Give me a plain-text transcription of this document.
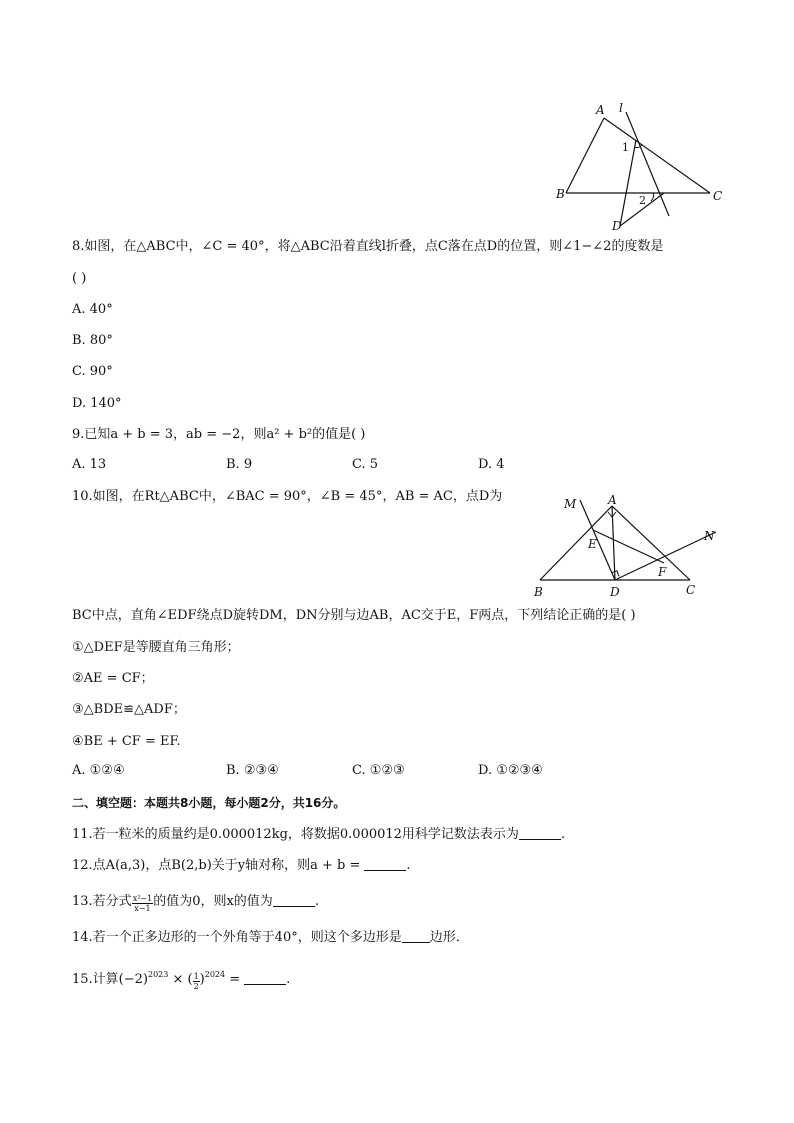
A l
1
2
B	C
D
8.如图，在△ABC中，∠C = 40°，将△ABC沿着直线l折叠，点C落在点D的位置，则∠1−∠2的度数是
( )
A. 40°
B. 80°
C. 90°
D. 140°
9.已知a + b = 3，ab = −2，则a² + b²的值是( )
A. 13	B. 9	C. 5	D. 4
10.如图，在Rt△ABC中，∠BAC = 90°，∠B = 45°，AB = AC，点D为	M	A
N
E
F
B	D	C
BC中点，直角∠EDF绕点D旋转DM，DN分别与边AB，AC交于E，F两点，下列结论正确的是( )
①△DEF是等腰直角三角形；
②AE = CF；
③△BDE≌△ADF；
④BE + CF = EF.
A. ①②④	B. ②③④	C. ①②③	D. ①②③④
二、填空题：本题共8小题，每小题2分，共16分。
11.若一粒米的质量约是0.000012kg，将数据0.000012用科学记数法表示为	.
12.点A(a,3)，点B(2,b)关于y轴对称，则a + b =	.
13.若分式 $\frac{\text{x²−1}}{x-1}$ 的值为0，则x的值为	.
14.若一个正多边形的一个外角等于40°，则这个多边形是 边形．
15.计算$(-2)^{2023}$ × ( $\frac{1}{2} )^{2024}$ =	.
